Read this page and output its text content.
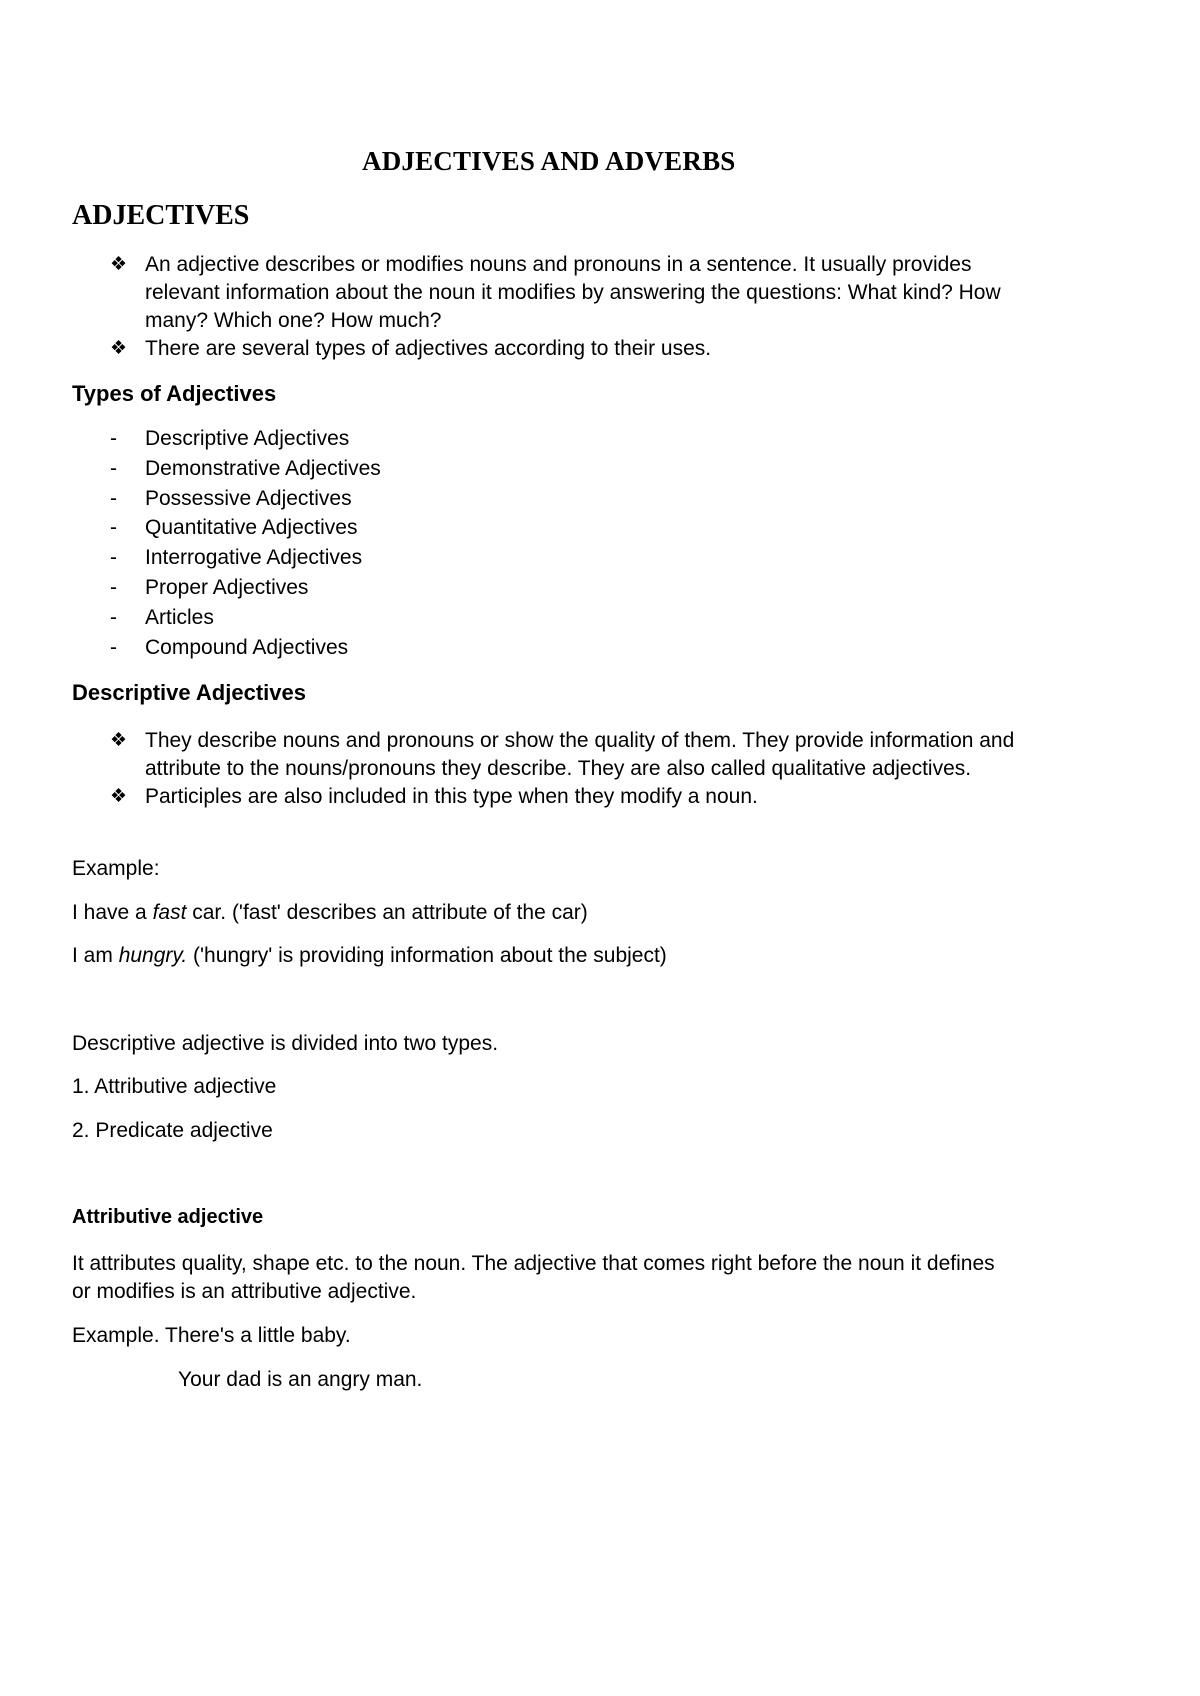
ADJECTIVES AND ADVERBS
ADJECTIVES
❖ An adjective describes or modifies nouns and pronouns in a sentence. It usually provides relevant information about the noun it modifies by answering the questions: What kind? How many? Which one? How much?
❖ There are several types of adjectives according to their uses.
Types of Adjectives
- Descriptive Adjectives
- Demonstrative Adjectives
- Possessive Adjectives
- Quantitative Adjectives
- Interrogative Adjectives
- Proper Adjectives
- Articles
- Compound Adjectives
Descriptive Adjectives
❖ They describe nouns and pronouns or show the quality of them. They provide information and attribute to the nouns/pronouns they describe. They are also called qualitative adjectives.
❖ Participles are also included in this type when they modify a noun.
Example:
I have a fast car. ('fast' describes an attribute of the car)
I am hungry. ('hungry' is providing information about the subject)
Descriptive adjective is divided into two types.
1. Attributive adjective
2. Predicate adjective
Attributive adjective
It attributes quality, shape etc. to the noun. The adjective that comes right before the noun it defines
or modifies is an attributive adjective.
Example. There's a little baby.
Your dad is an angry man.
